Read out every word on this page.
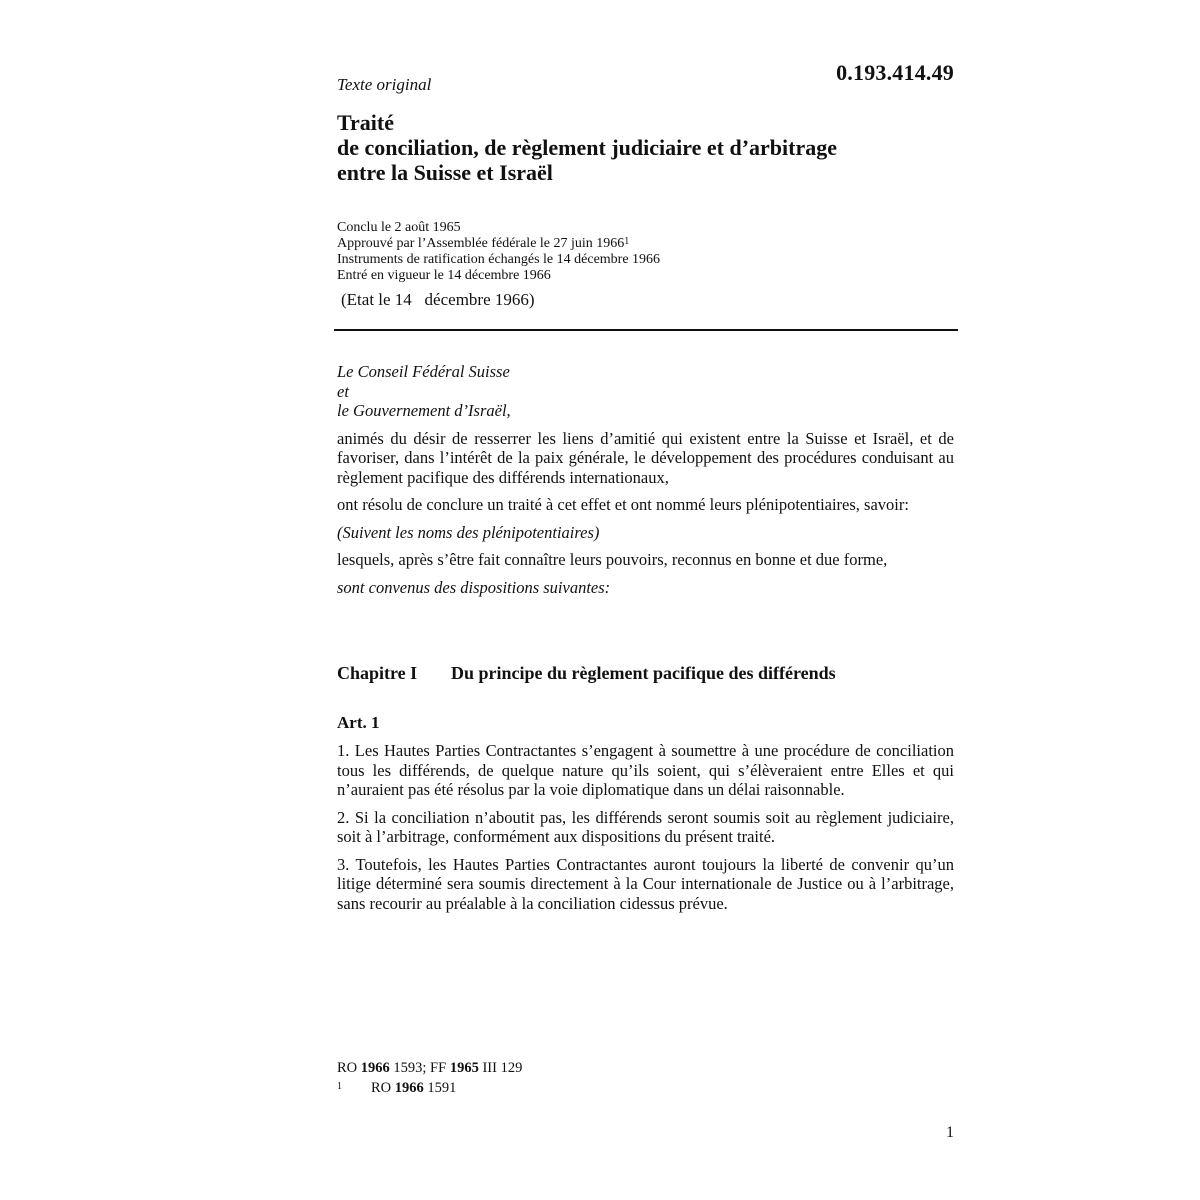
Texte original	0.193.414.49
Traité
de conciliation, de règlement judiciaire et d’arbitrage
entre la Suisse et Israël
Conclu le 2 août 1965
Approuvé par l’Assemblée fédérale le 27 juin 1966$^1$
Instruments de ratification échangés le 14 décembre 1966
Entré en vigueur le 14 décembre 1966
(Etat le 14   décembre 1966)

Le Conseil Fédéral Suisse

et

le Gouvernement d’Israël,

animés du désir de resserrer les liens d’amitié qui existent entre la Suisse et Israël, et de favoriser, dans l’intérêt de la paix générale, le développement des procédures conduisant au règlement pacifique des différends internationaux,

ont résolu de conclure un traité à cet effet et ont nommé leurs plénipotentiaires, savoir:

(Suivent les noms des plénipotentiaires)

lesquels, après s’être fait connaître leurs pouvoirs, reconnus en bonne et due forme,

sont convenus des dispositions suivantes:

Chapitre I Du principe du règlement pacifique des différends
Art. 1

1. Les Hautes Parties Contractantes s’engagent à soumettre à une procédure de conciliation tous les différends, de quelque nature qu’ils soient, qui s’élèveraient entre Elles et qui n’auraient pas été résolus par la voie diplomatique dans un délai raisonnable.

2. Si la conciliation n’aboutit pas, les différends seront soumis soit au règlement judiciaire, soit à l’arbitrage, conformément aux dispositions du présent traité.

3. Toutefois, les Hautes Parties Contractantes auront toujours la liberté de convenir qu’un litige déterminé sera soumis directement à la Cour internationale de Justice ou à l’arbitrage, sans recourir au préalable à la conciliation cidessus prévue.

RO 1966 1593; FF 1965 III 129
1 RO 1966 1591
1
